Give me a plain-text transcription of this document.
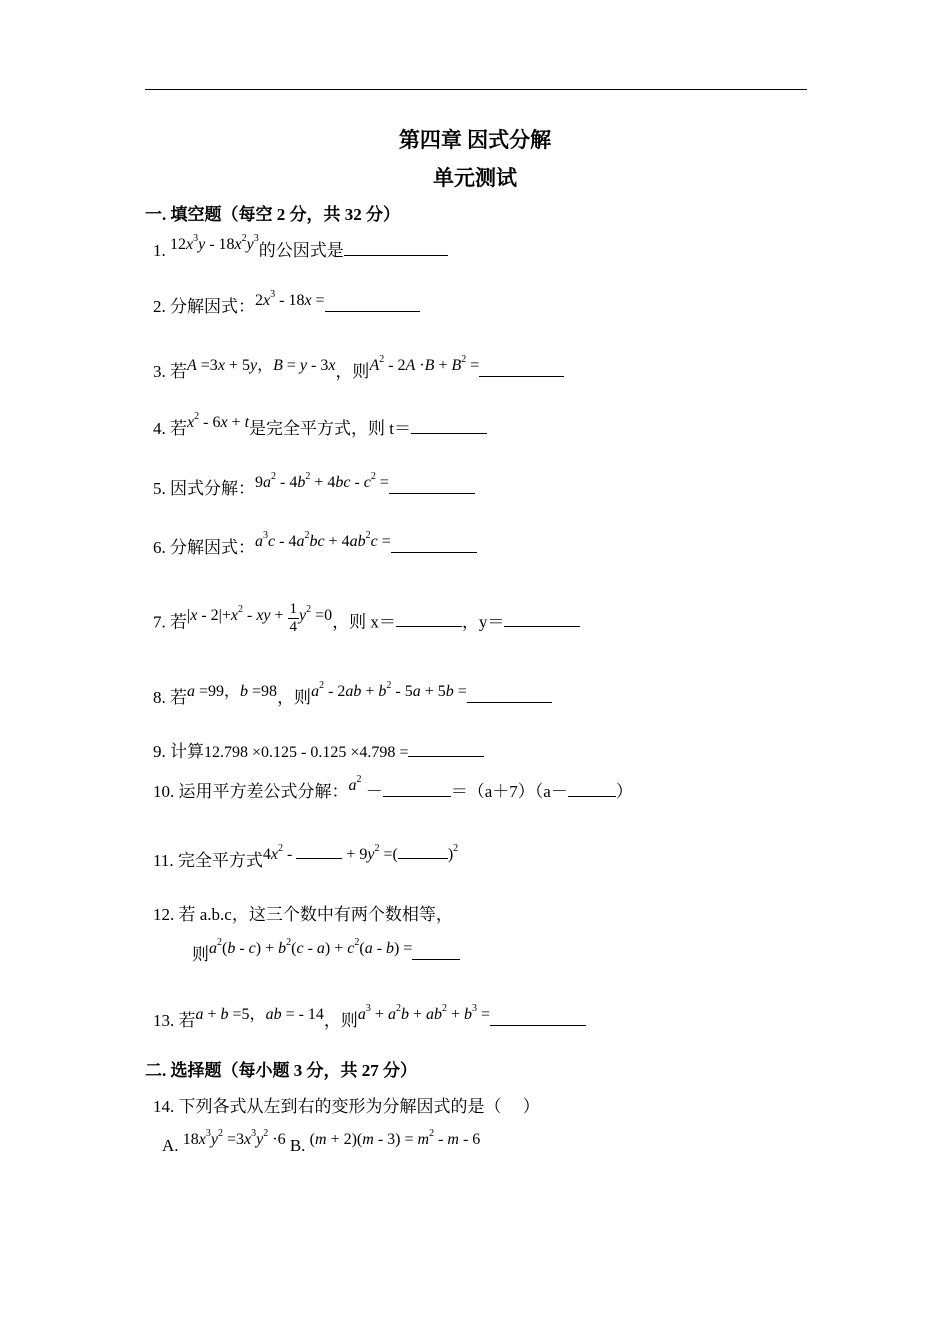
第四章 因式分解
单元测试
一. 填空题（每空 2 分，共 32 分）
1. $12x^3y - 18x^2y^3$的公因式是
2. 分解因式：$2x^3 - 18x$ =
3. 若A =3x + 5y，B = y - 3x，则$A^2 - 2A \cdot B + B^2$ =
4. 若$x^2 - 6x + t$是完全平方式，则 t＝
5. 因式分解：$9a^2 - 4b^2 + 4bc - c^2$ =
6. 分解因式：$a^3c - 4a^2bc + 4ab^2c$ =
7. 若$|x - 2|+x^2$ - xy + $\frac{1}{4} y^2 =0$，则 x＝	，y＝
8. 若a =99，b =98，则$a^2 - 2ab + b^2 - 5a + 5b$ =
9. 计算12.798 ×0.125 - 0.125 ×4.798 =
10. 运用平方差公式分解：$a^2$ －	＝（a＋7）（a－	）
11. 完全平方式$4x^2$ -	+ $9y^2$ =(	)$^2$
12. 若 a.b.c，这三个数中有两个数相等，
则$a^2(b - c) + b^2(c - a) + c^2(a - b)$ =
13. 若a + b =5，ab = - 14，则$a^3 + a^2b + ab^2 + b^3$ =
二. 选择题（每小题 3 分，共 27 分）
14. 下列各式从左到右的变形为分解因式的是（　 ）
A. $18x^3y^2 =3x^3y^2 \cdot 6$ B. $(m + 2)(m - 3) = m^2 - m - 6$
